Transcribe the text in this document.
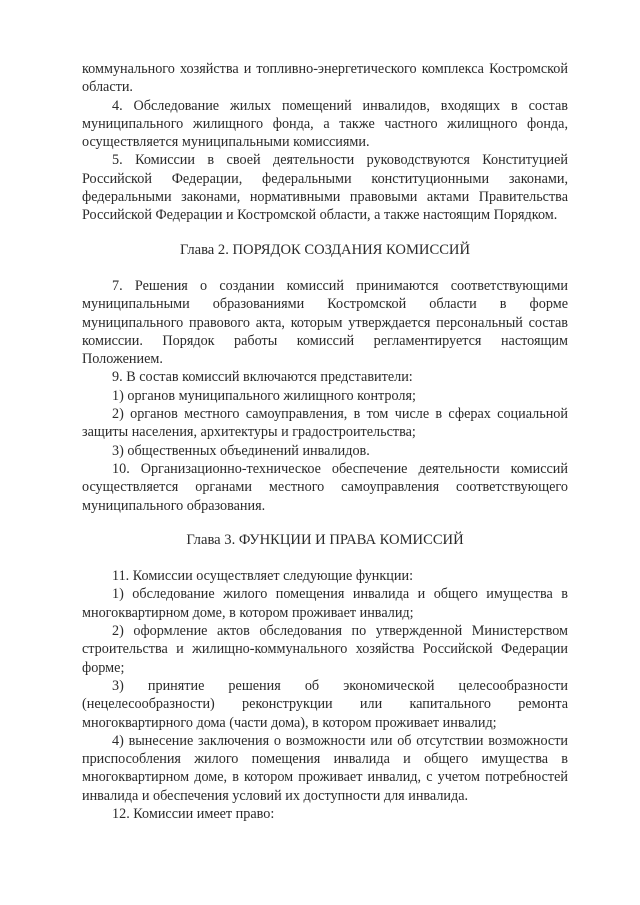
коммунального хозяйства и топливно-энергетического комплекса Костромской области.

4. Обследование жилых помещений инвалидов, входящих в состав муниципального жилищного фонда, а также частного жилищного фонда, осуществляется муниципальными комиссиями.

5. Комиссии в своей деятельности руководствуются Конституцией Российской Федерации, федеральными конституционными законами, федеральными законами, нормативными правовыми актами Правительства Российской Федерации и Костромской области, а также настоящим Порядком.

Глава 2. ПОРЯДОК СОЗДАНИЯ КОМИССИЙ

7. Решения о создании комиссий принимаются соответствующими муниципальными образованиями Костромской области в форме муниципального правового акта, которым утверждается персональный состав комиссии. Порядок работы комиссий регламентируется настоящим Положением.

9. В состав комиссий включаются представители:

1) органов муниципального жилищного контроля;

2) органов местного самоуправления, в том числе в сферах социальной защиты населения, архитектуры и градостроительства;

3) общественных объединений инвалидов.

10. Организационно-техническое обеспечение деятельности комиссий осуществляется органами местного самоуправления соответствующего муниципального образования.

Глава 3. ФУНКЦИИ И ПРАВА КОМИССИЙ

11. Комиссии осуществляет следующие функции:

1) обследование жилого помещения инвалида и общего имущества в многоквартирном доме, в котором проживает инвалид;

2) оформление актов обследования по утвержденной Министерством строительства и жилищно-коммунального хозяйства Российской Федерации форме;

3) принятие решения об экономической целесообразности (нецелесообразности) реконструкции или капитального ремонта многоквартирного дома (части дома), в котором проживает инвалид;

4) вынесение заключения о возможности или об отсутствии возможности приспособления жилого помещения инвалида и общего имущества в многоквартирном доме, в котором проживает инвалид, с учетом потребностей инвалида и обеспечения условий их доступности для инвалида.

12. Комиссии имеет право:
